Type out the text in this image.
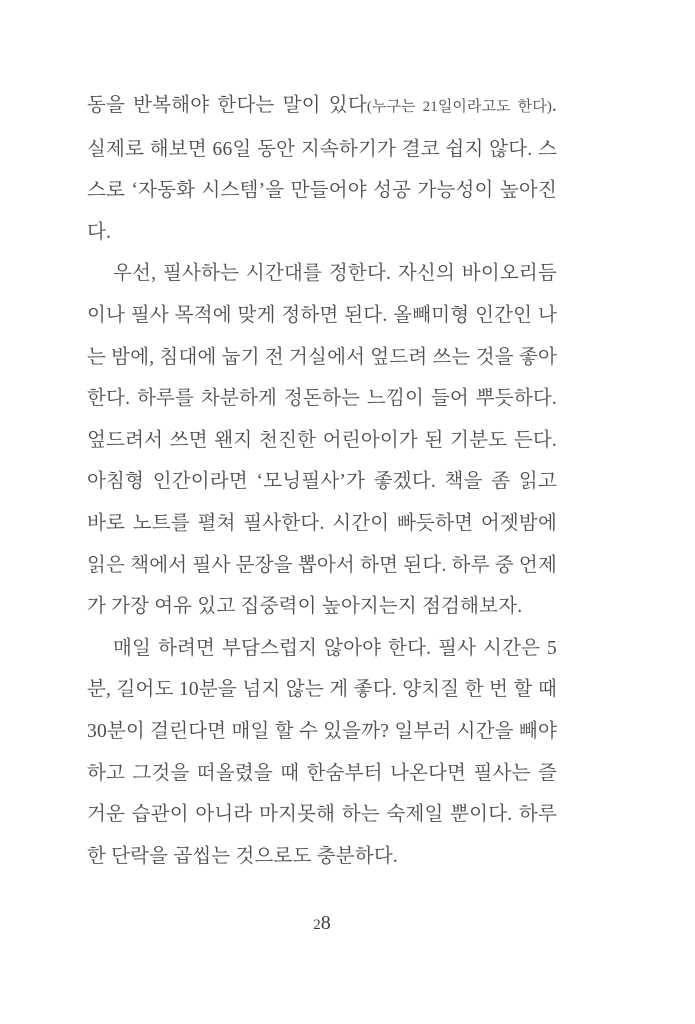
동을 반복해야 한다는 말이 있다(누구는 21일이라고도 한다). 실제로 해보면 66일 동안 지속하기가 결코 쉽지 않다. 스스로 ‘자동화 시스템’을 만들어야 성공 가능성이 높아진다.

우선, 필사하는 시간대를 정한다. 자신의 바이오리듬이나 필사 목적에 맞게 정하면 된다. 올빼미형 인간인 나는 밤에, 침대에 눕기 전 거실에서 엎드려 쓰는 것을 좋아한다. 하루를 차분하게 정돈하는 느낌이 들어 뿌듯하다. 엎드려서 쓰면 왠지 천진한 어린아이가 된 기분도 든다. 아침형 인간이라면 ‘모닝필사’가 좋겠다. 책을 좀 읽고 바로 노트를 펼쳐 필사한다. 시간이 빠듯하면 어젯밤에 읽은 책에서 필사 문장을 뽑아서 하면 된다. 하루 중 언제가 가장 여유 있고 집중력이 높아지는지 점검해보자.

매일 하려면 부담스럽지 않아야 한다. 필사 시간은 5분, 길어도 10분을 넘지 않는 게 좋다. 양치질 한 번 할 때 30분이 걸린다면 매일 할 수 있을까? 일부러 시간을 빼야 하고 그것을 떠올렸을 때 한숨부터 나온다면 필사는 즐거운 습관이 아니라 마지못해 하는 숙제일 뿐이다. 하루 한 단락을 곱씹는 것으로도 충분하다.

28
